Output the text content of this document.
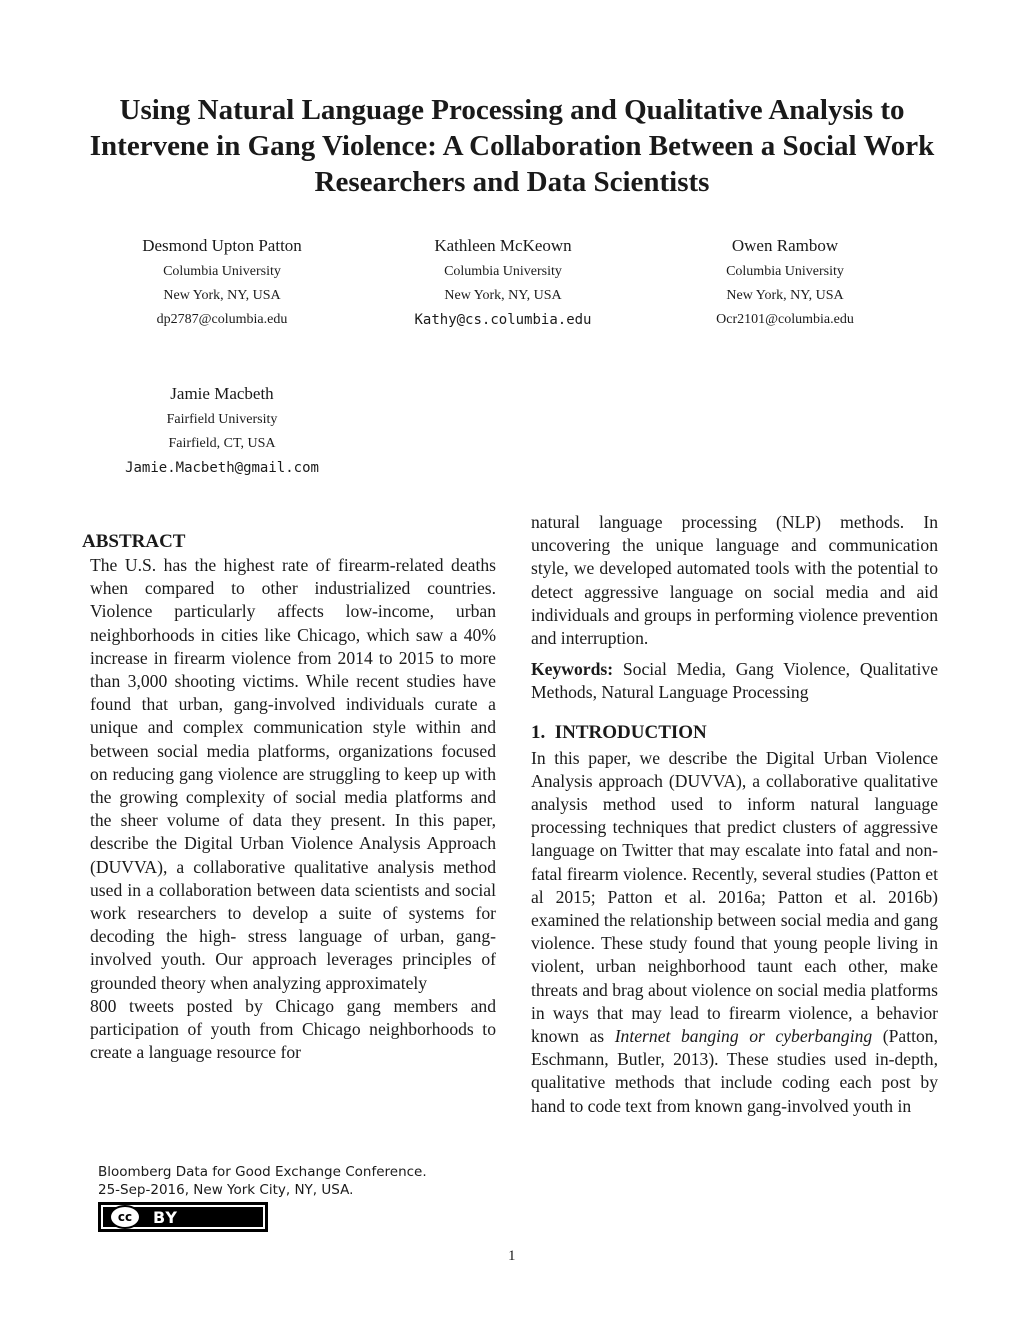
Using Natural Language Processing and Qualitative Analysis to Intervene in Gang Violence: A Collaboration Between a Social Work Researchers and Data Scientists
Desmond Upton Patton
Columbia University
New York, NY, USA
dp2787@columbia.edu
Kathleen McKeown
Columbia University
New York, NY, USA
Kathy@cs.columbia.edu
Owen Rambow
Columbia University
New York, NY, USA
Ocr2101@columbia.edu
Jamie Macbeth
Fairfield University
Fairfield, CT, USA
Jamie.Macbeth@gmail.com
ABSTRACT

The U.S. has the highest rate of firearm-related deaths when compared to other industrialized countries. Violence particularly affects low-income, urban neighborhoods in cities like Chicago, which saw a 40% increase in firearm violence from 2014 to 2015 to more than 3,000 shooting victims. While recent studies have found that urban, gang-involved individuals curate a unique and complex communication style within and between social media platforms, organizations focused on reducing gang violence are struggling to keep up with the growing complexity of social media platforms and the sheer volume of data they present. In this paper, describe the Digital Urban Violence Analysis Approach (DUVVA), a collaborative qualitative analysis method used in a collaboration between data scientists and social work researchers to develop a suite of systems for decoding the high- stress language of urban, gang-involved youth. Our approach leverages principles of grounded theory when analyzing approximately

800 tweets posted by Chicago gang members and participation of youth from Chicago neighborhoods to create a language resource for

natural language processing (NLP) methods. In uncovering the unique language and communication style, we developed automated tools with the potential to detect aggressive language on social media and aid individuals and groups in performing violence prevention and interruption.

Keywords: Social Media, Gang Violence, Qualitative Methods, Natural Language Processing

1.  INTRODUCTION

In this paper, we describe the Digital Urban Violence Analysis approach (DUVVA), a collaborative qualitative analysis method used to inform natural language processing techniques that predict clusters of aggressive language on Twitter that may escalate into fatal and non-fatal firearm violence. Recently, several studies (Patton et al 2015; Patton et al. 2016a; Patton et al. 2016b) examined the relationship between social media and gang violence. These study found that young people living in violent, urban neighborhood taunt each other, make threats and brag about violence on social media platforms in ways that may lead to firearm violence, a behavior known as Internet banging or cyberbanging (Patton, Eschmann, Butler, 2013). These studies used in-depth, qualitative methods that include coding each post by hand to code text from known gang-involved youth in

Bloomberg Data for Good Exchange Conference.
25-Sep-2016, New York City, NY, USA.
cc	BY
1
